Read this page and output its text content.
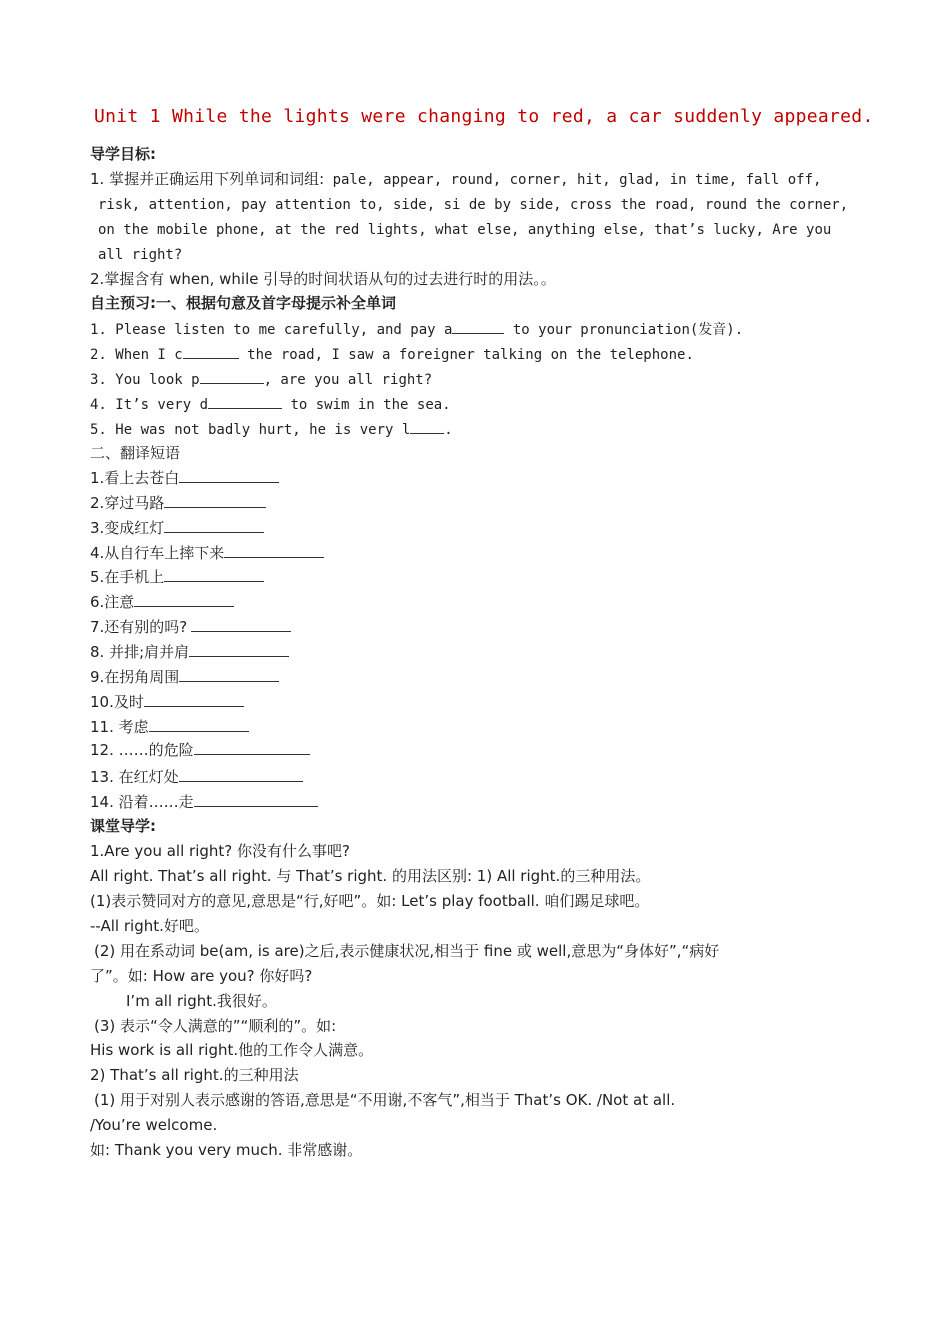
Unit 1 While the lights were changing to red, a car suddenly appeared.
导学目标:
1. 掌握并正确运用下列单词和词组: pale, appear, round, corner, hit, glad, in time, fall off,
risk, attention, pay attention to, side, si de by side, cross the road, round the corner,
on the mobile phone, at the red lights, what else, anything else, that’s lucky, Are you
all right?
2.掌握含有 when, while 引导的时间状语从句的过去进行时的用法。。
自主预习:一、根据句意及首字母提示补全单词
1. Please listen to me carefully, and pay a	to your pronunciation(发音).
2. When I c	the road, I saw a foreigner talking on the telephone.
3. You look p	, are you all right?
4. It’s very d	to swim in the sea.
5. He was not badly hurt, he is very l .
二、翻译短语
1.看上去苍白
2.穿过马路
3.变成红灯
4.从自行车上摔下来
5.在手机上
6.注意
7.还有别的吗?
8. 并排;肩并肩
9.在拐角周围
10.及时
11. 考虑
12. ……的危险
13. 在红灯处
14. 沿着……走
课堂导学:
1.Are you all right? 你没有什么事吧?
All right. That’s all right. 与 That’s right. 的用法区别: 1) All right.的三种用法。
(1)表示赞同对方的意见,意思是“行,好吧”。如: Let’s play football. 咱们踢足球吧。
--All right.好吧。
(2) 用在系动词 be(am, is are)之后,表示健康状况,相当于 fine 或 well,意思为“身体好”,“病好
了”。如: How are you? 你好吗?
I’m all right.我很好。
(3) 表示“令人满意的”“顺利的”。如:
His work is all right.他的工作令人满意。
2) That’s all right.的三种用法
(1) 用于对别人表示感谢的答语,意思是“不用谢,不客气”,相当于 That’s OK. /Not at all.
/You’re welcome.
如: Thank you very much. 非常感谢。
